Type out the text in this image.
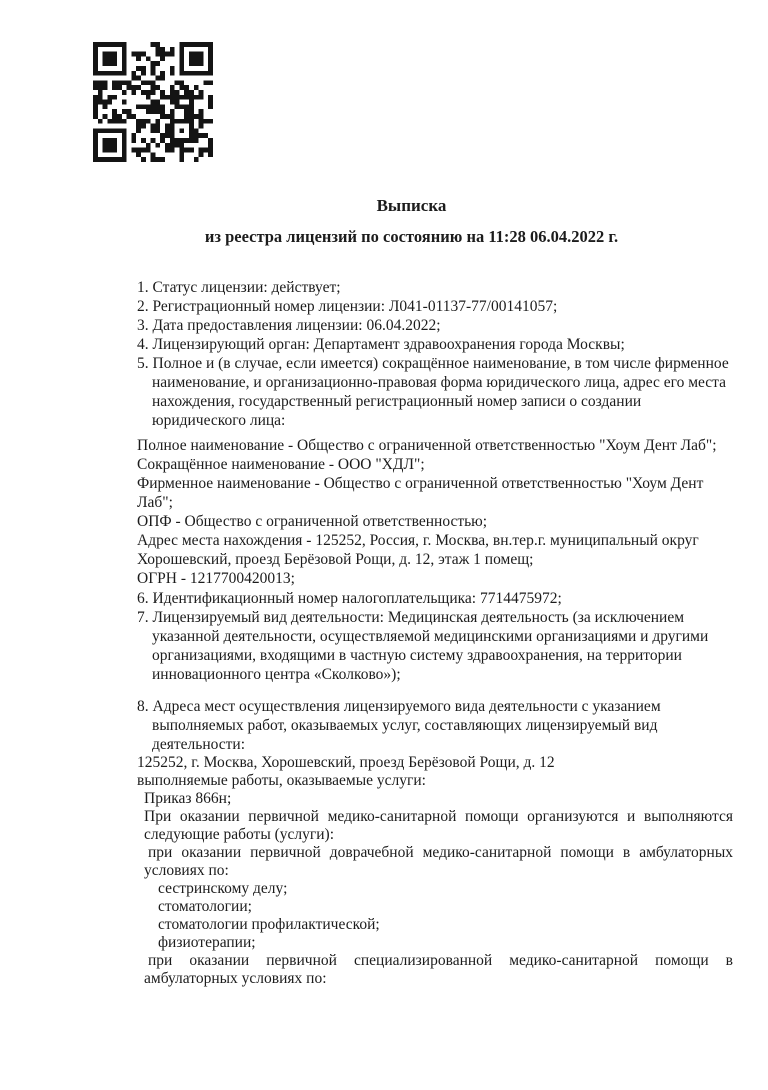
Выписка
из реестра лицензий по состоянию на 11:28 06.04.2022 г.

1. Статус лицензии: действует;

2. Регистрационный номер лицензии: Л041-01137-77/00141057;

3. Дата предоставления лицензии: 06.04.2022;

4. Лицензирующий орган: Департамент здравоохранения города Москвы;

5. Полное и (в случае, если имеется) сокращённое наименование, в том числе фирменное наименование, и организационно-правовая форма юридического лица, адрес его места нахождения, государственный регистрационный номер записи о создании юридического лица:

Полное наименование - Общество с ограниченной ответственностью "Хоум Дент Лаб";

Сокращённое наименование - ООО "ХДЛ";

Фирменное наименование - Общество с ограниченной ответственностью "Хоум Дент

Лаб";

ОПФ - Общество с ограниченной ответственностью;

Адрес места нахождения - 125252, Россия, г. Москва, вн.тер.г. муниципальный округ

Хорошевский, проезд Берёзовой Рощи, д. 12, этаж 1 помещ;

ОГРН - 1217700420013;

6. Идентификационный номер налогоплательщика: 7714475972;

7. Лицензируемый вид деятельности: Медицинская деятельность (за исключением указанной деятельности, осуществляемой медицинскими организациями и другими организациями, входящими в частную систему здравоохранения, на территории инновационного центра «Сколково»);

8. Адреса мест осуществления лицензируемого вида деятельности с указанием выполняемых работ, оказываемых услуг, составляющих лицензируемый вид деятельности:

125252, г. Москва, Хорошевский, проезд Берёзовой Рощи, д. 12

выполняемые работы, оказываемые услуги:

Приказ 866н;

При оказании первичной медико-санитарной помощи организуются и выполняются следующие работы (услуги):

при оказании первичной доврачебной медико-санитарной помощи в амбулаторных условиях по:

сестринскому делу;

стоматологии;

стоматологии профилактической;

физиотерапии;

при оказании первичной специализированной медико-санитарной помощи в амбулаторных условиях по:
